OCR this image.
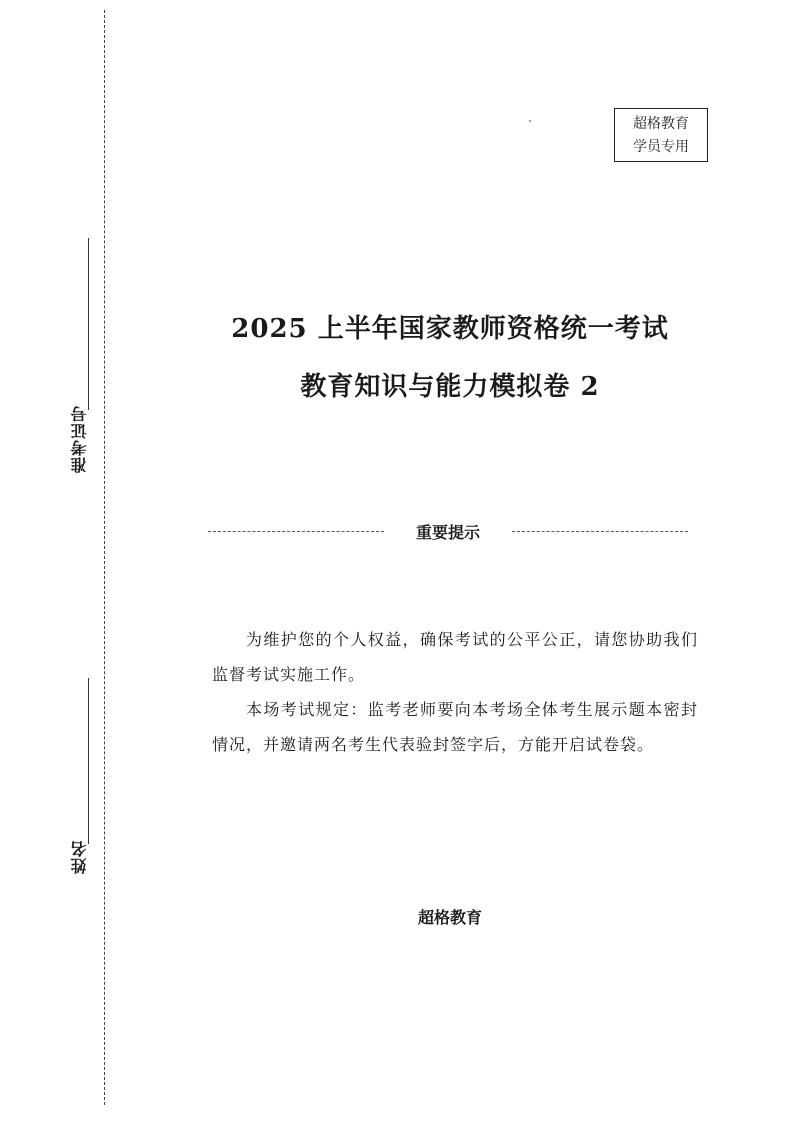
准考证号
姓名
超格教育
学员专用
2025 上半年国家教师资格统一考试
教育知识与能力模拟卷 2
重要提示
为维护您的个人权益，确保考试的公平公正，请您协助我们监督考试实施工作。
本场考试规定：监考老师要向本考场全体考生展示题本密封情况，并邀请两名考生代表验封签字后，方能开启试卷袋。
超格教育
